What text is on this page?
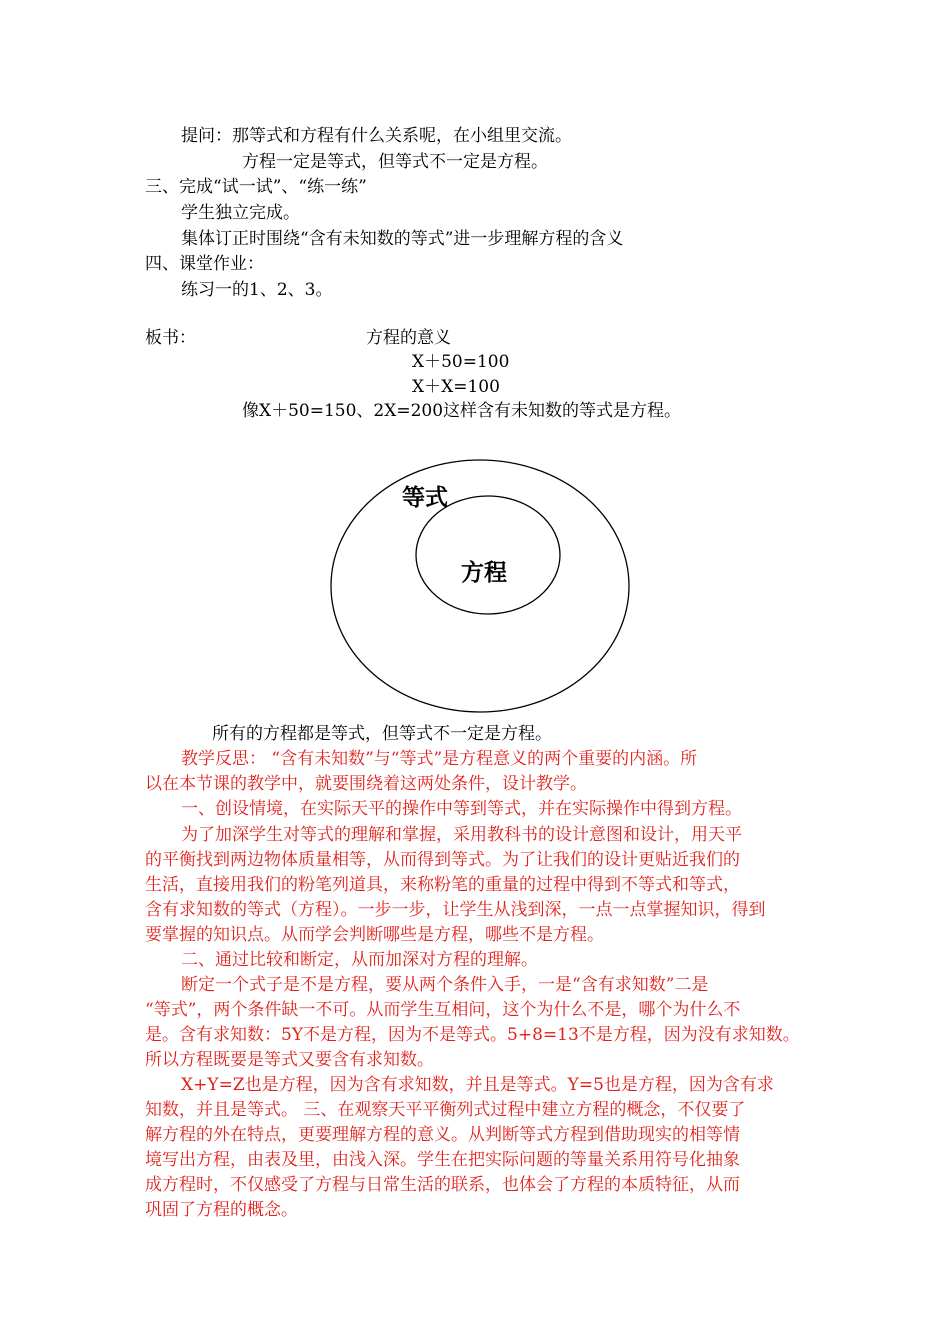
提问：那等式和方程有什么关系呢，在小组里交流。
方程一定是等式，但等式不一定是方程。
三、完成“试一试”、“练一练”
学生独立完成。
集体订正时围绕“含有未知数的等式”进一步理解方程的含义
四、课堂作业：
练习一的1、2、3。
板书：	方程的意义
X＋50=100
X＋X=100
像X＋50=150、2X=200这样含有未知数的等式是方程。
等式
方程
所有的方程都是等式，但等式不一定是方程。
教学反思： “含有未知数”与“等式”是方程意义的两个重要的内涵。所
以在本节课的教学中，就要围绕着这两处条件，设计教学。
一、创设情境，在实际天平的操作中等到等式，并在实际操作中得到方程。
为了加深学生对等式的理解和掌握，采用教科书的设计意图和设计，用天平
的平衡找到两边物体质量相等，从而得到等式。为了让我们的设计更贴近我们的
生活，直接用我们的粉笔列道具，来称粉笔的重量的过程中得到不等式和等式，
含有求知数的等式（方程）。一步一步，让学生从浅到深，一点一点掌握知识，得到
要掌握的知识点。从而学会判断哪些是方程，哪些不是方程。
二、通过比较和断定，从而加深对方程的理解。
断定一个式子是不是方程，要从两个条件入手，一是“含有求知数”二是
“等式”，两个条件缺一不可。从而学生互相问，这个为什么不是，哪个为什么不
是。含有求知数：5Y不是方程，因为不是等式。5+8=13不是方程，因为没有求知数。
所以方程既要是等式又要含有求知数。
X+Y=Z也是方程，因为含有求知数，并且是等式。Y=5也是方程，因为含有求
知数，并且是等式。 三、在观察天平平衡列式过程中建立方程的概念，不仅要了
解方程的外在特点，更要理解方程的意义。从判断等式方程到借助现实的相等情
境写出方程，由表及里，由浅入深。学生在把实际问题的等量关系用符号化抽象
成方程时，不仅感受了方程与日常生活的联系，也体会了方程的本质特征，从而
巩固了方程的概念。
